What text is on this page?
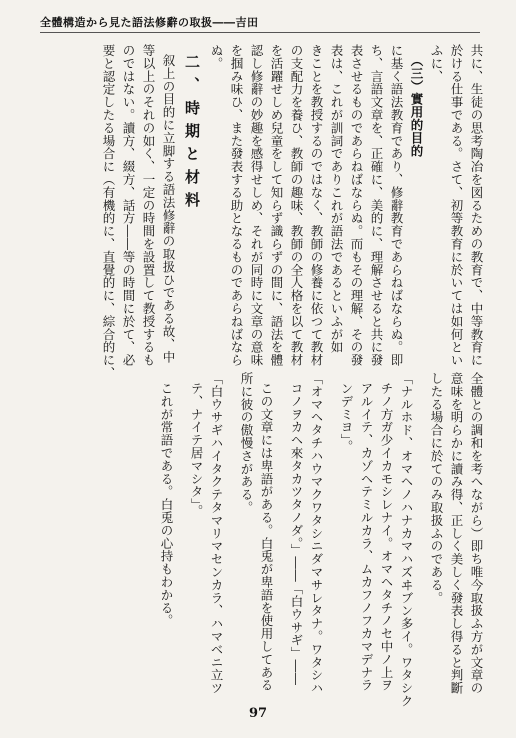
全體構造から見た語法修辭の取扱――吉田
共に、生徒の思考陶冶を図るための教育で、中等教育に
於ける仕事である。さて、初等教育に於いては如何とい
ふに、
（三）實用的目的
に基く語法教育であり、修辭教育であらねばならぬ。即
ち、言語文章を、正確に、美的に、理解させると共に發
表させるものであらねばならぬ。而もその理解、その發
表は、これが訓詞でありこれが語法であるといふが如
きことを教授するのではなく、教師の修養に依つて教材
の支配力を養ひ、教師の趣味、教師の全人格を以て教材
を活躍せしめ兒童をして知らず識らずの間に、語法を體
認し修辭の妙趣を感得せしめ、それが同時に文章の意味
を掴み味ひ、また發表する助となるものであらねばなら
ぬ。
二、時期と材料
叙上の目的に立脚する語法修辭の取扱ひである故、中
等以上のそれの如く、一定の時間を設置して教授するも
のではない。讀方、綴方、話方――等の時間に於て、必
要と認定したる場合に（有機的に、直覺的に、綜合的に、
全體との調和を考へながら）即ち唯今取扱ふ方が文章の
意味を明らかに讀み得、正しく美しく發表し得ると判斷
したる場合に於てのみ取扱ふのである。
「ナルホド、オマヘノハナカマハズヰブン多イ。ワタシク
チノ方ガ少イカモシレナイ。オマヘタチノセ中ノ上ヲ
アルイテ、カゾヘテミルカラ、ムカフノフカマデナラ
ンデミヨ」。
「オマヘタチハウマクワタシニダマサレタナ。ワタシハ
コノヲカヘ來タカツタノダ。」――「白ウサギ」――
この文章には卑語がある。白兎が卑語を使用してある
所に彼の傲慢さがある。
「白ウサギハイタクテタマリマセンカラ、ハマベニ立ツ
テ、ナイテ居マシタ」。
これが常語である。白兎の心持もわかる。
97
